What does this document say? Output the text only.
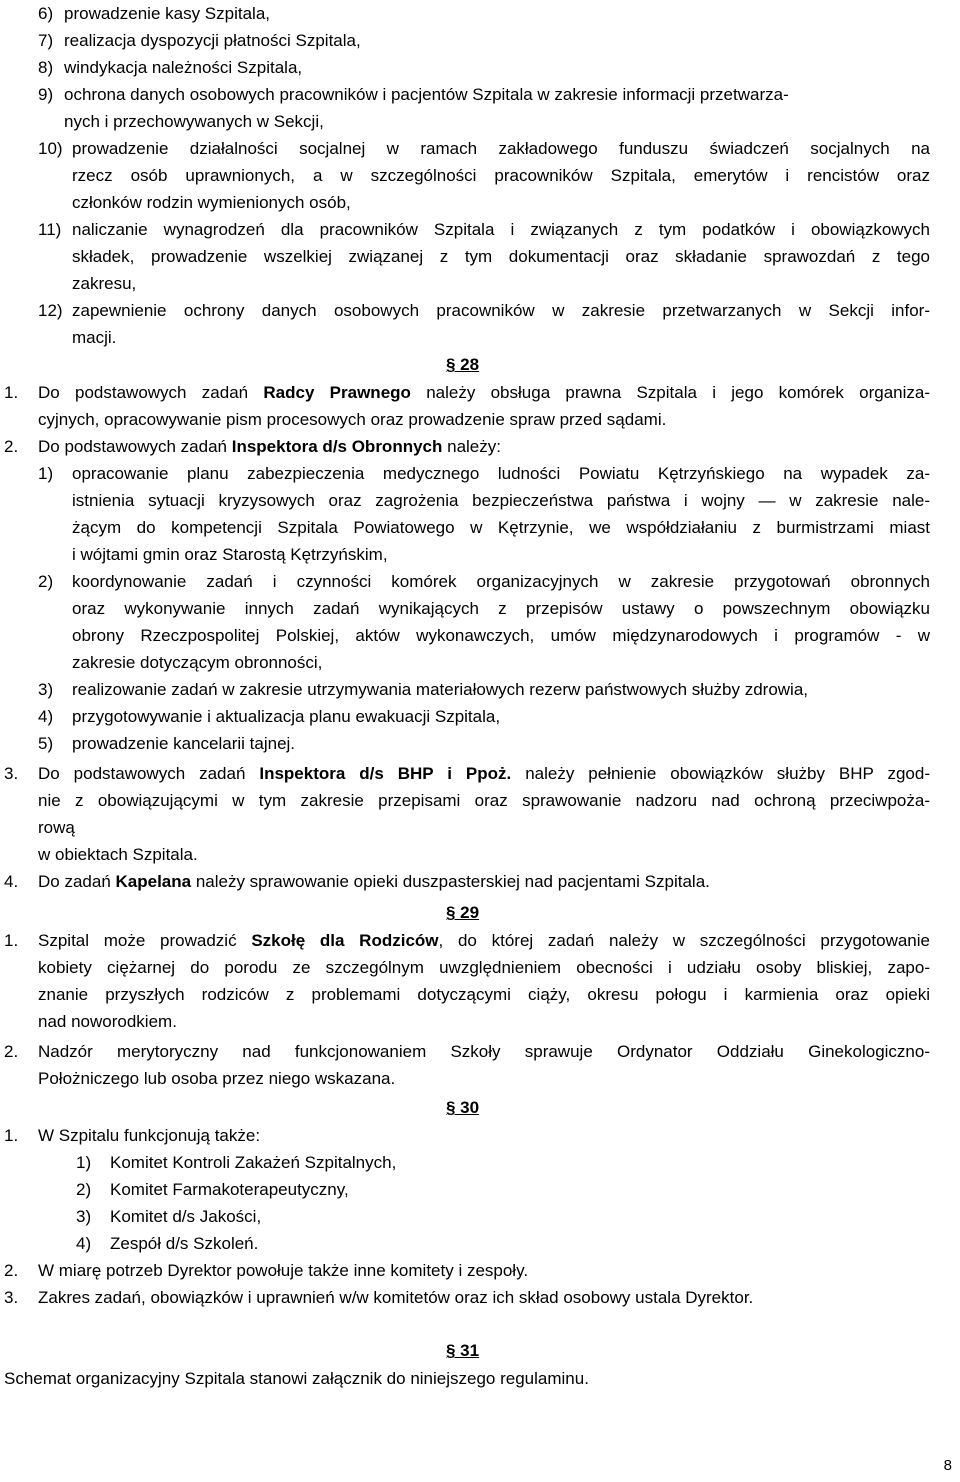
6) prowadzenie kasy Szpitala,
7) realizacja dyspozycji płatności Szpitala,
8) windykacja należności Szpitala,
9) ochrona danych osobowych pracowników i pacjentów Szpitala w zakresie informacji przetwarza-
nych i przechowywanych w Sekcji,
10) prowadzenie działalności socjalnej w ramach zakładowego funduszu świadczeń socjalnych na
rzecz osób uprawnionych, a w szczególności pracowników Szpitala, emerytów i rencistów oraz
członków rodzin wymienionych osób,
11) naliczanie wynagrodzeń dla pracowników Szpitala i związanych z tym podatków i obowiązkowych
składek, prowadzenie wszelkiej związanej z tym dokumentacji oraz składanie sprawozdań z tego
zakresu,
12) zapewnienie ochrony danych osobowych pracowników w zakresie przetwarzanych w Sekcji infor-
macji.
§ 28
1. Do podstawowych zadań Radcy Prawnego należy obsługa prawna Szpitala i jego komórek organiza-
cyjnych, opracowywanie pism procesowych oraz prowadzenie spraw przed sądami.
2. Do podstawowych zadań Inspektora d/s Obronnych należy:
1) opracowanie planu zabezpieczenia medycznego ludności Powiatu Kętrzyńskiego na wypadek za-
istnienia sytuacji kryzysowych oraz zagrożenia bezpieczeństwa państwa i wojny — w zakresie nale-
żącym do kompetencji Szpitala Powiatowego w Kętrzynie, we współdziałaniu z burmistrzami miast
i wójtami gmin oraz Starostą Kętrzyńskim,
2) koordynowanie zadań i czynności komórek organizacyjnych w zakresie przygotowań obronnych
oraz wykonywanie innych zadań wynikających z przepisów ustawy o powszechnym obowiązku
obrony Rzeczpospolitej Polskiej, aktów wykonawczych, umów międzynarodowych i programów - w
zakresie dotyczącym obronności,
3) realizowanie zadań w zakresie utrzymywania materiałowych rezerw państwowych służby zdrowia,
4) przygotowywanie i aktualizacja planu ewakuacji Szpitala,
5) prowadzenie kancelarii tajnej.
3. Do podstawowych zadań Inspektora d/s BHP i Ppoż. należy pełnienie obowiązków służby BHP zgod-
nie z obowiązującymi w tym zakresie przepisami oraz sprawowanie nadzoru nad ochroną przeciwpoża-
rową
w obiektach Szpitala.
4. Do zadań Kapelana należy sprawowanie opieki duszpasterskiej nad pacjentami Szpitala.
§ 29
1. Szpital może prowadzić Szkołę dla Rodziców, do której zadań należy w szczególności przygotowanie
kobiety ciężarnej do porodu ze szczególnym uwzględnieniem obecności i udziału osoby bliskiej, zapo-
znanie przyszłych rodziców z problemami dotyczącymi ciąży, okresu połogu i karmienia oraz opieki
nad noworodkiem.
2. Nadzór merytoryczny nad funkcjonowaniem Szkoły sprawuje Ordynator Oddziału Ginekologiczno-
Położniczego lub osoba przez niego wskazana.
§ 30
1. W Szpitalu funkcjonują także:
1) Komitet Kontroli Zakażeń Szpitalnych,
2) Komitet Farmakoterapeutyczny,
3) Komitet d/s Jakości,
4) Zespół d/s Szkoleń.
2. W miarę potrzeb Dyrektor powołuje także inne komitety i zespoły.
3. Zakres zadań, obowiązków i uprawnień w/w komitetów oraz ich skład osobowy ustala Dyrektor.
§ 31
Schemat organizacyjny Szpitala stanowi załącznik do niniejszego regulaminu.
8
